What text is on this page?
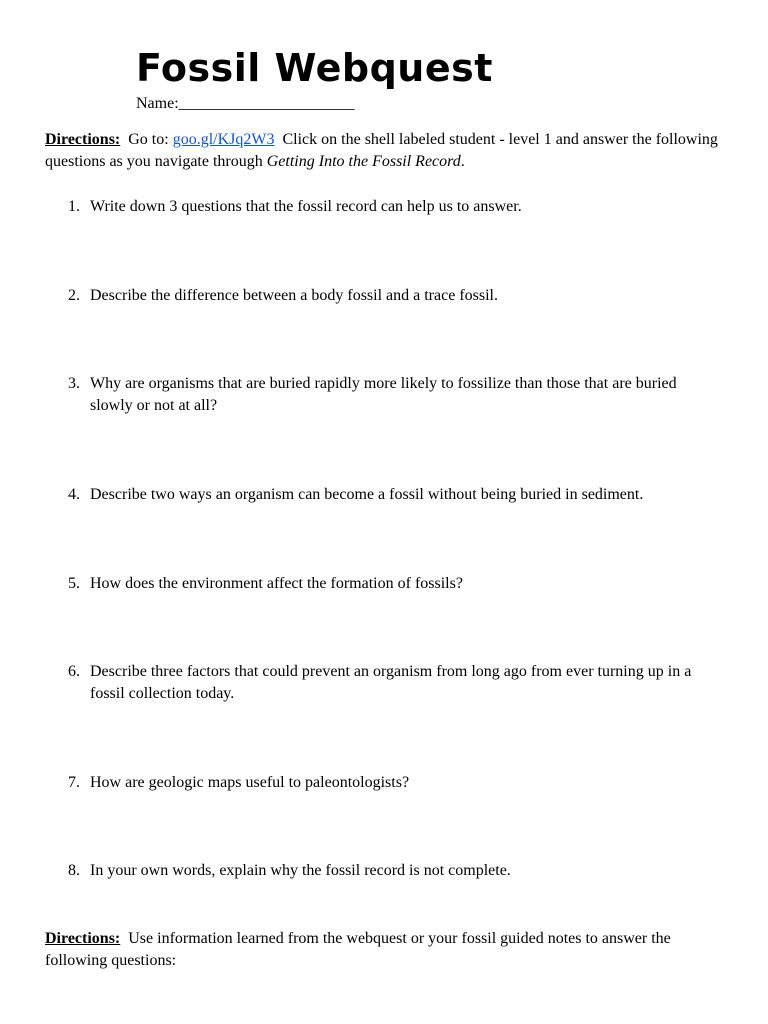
Fossil Webquest
Name:______________________

Directions: Go to: goo.gl/KJq2W3 Click on the shell labeled student - level 1 and answer the following questions as you navigate through Getting Into the Fossil Record.

1. Write down 3 questions that the fossil record can help us to answer.
2. Describe the difference between a body fossil and a trace fossil.
3. Why are organisms that are buried rapidly more likely to fossilize than those that are buried slowly or not at all?
4. Describe two ways an organism can become a fossil without being buried in sediment.
5. How does the environment affect the formation of fossils?
6. Describe three factors that could prevent an organism from long ago from ever turning up in a fossil collection today.
7. How are geologic maps useful to paleontologists?
8. In your own words, explain why the fossil record is not complete.

Directions: Use information learned from the webquest or your fossil guided notes to answer the following questions:
